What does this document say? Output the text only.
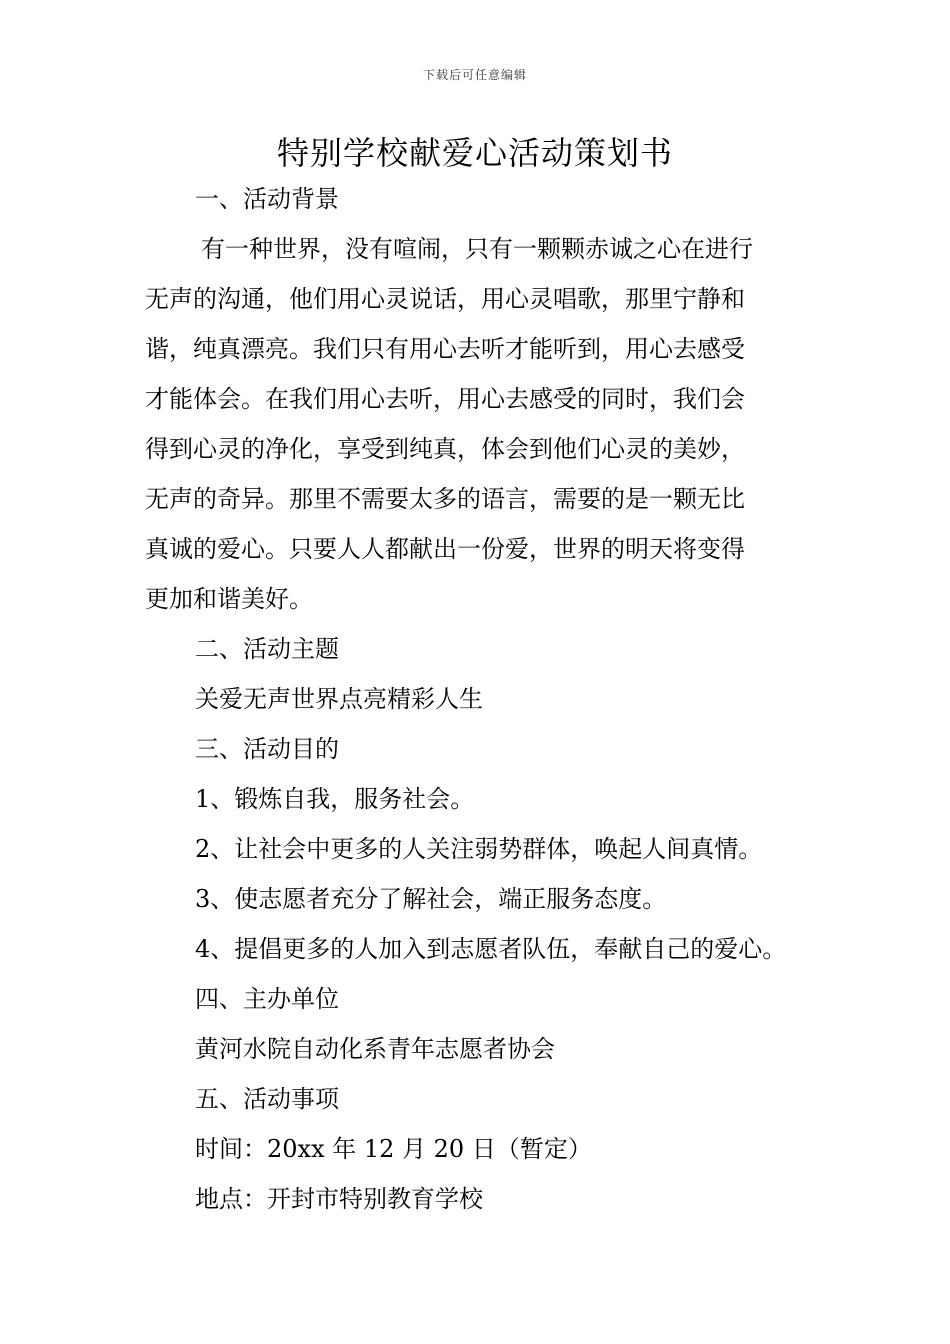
下载后可任意编辑
特别学校献爱心活动策划书
一、活动背景
有一种世界，没有喧闹，只有一颗颗赤诚之心在进行
无声的沟通，他们用心灵说话，用心灵唱歌，那里宁静和
谐，纯真漂亮。我们只有用心去听才能听到，用心去感受
才能体会。在我们用心去听，用心去感受的同时，我们会
得到心灵的净化，享受到纯真，体会到他们心灵的美妙，
无声的奇异。那里不需要太多的语言，需要的是一颗无比
真诚的爱心。只要人人都献出一份爱，世界的明天将变得
更加和谐美好。
二、活动主题
关爱无声世界点亮精彩人生
三、活动目的
1、锻炼自我，服务社会。
2、让社会中更多的人关注弱势群体，唤起人间真情。
3、使志愿者充分了解社会，端正服务态度。
4、提倡更多的人加入到志愿者队伍，奉献自己的爱心。
四、主办单位
黄河水院自动化系青年志愿者协会
五、活动事项
时间：20xx 年 12 月 20 日（暂定）
地点：开封市特别教育学校
